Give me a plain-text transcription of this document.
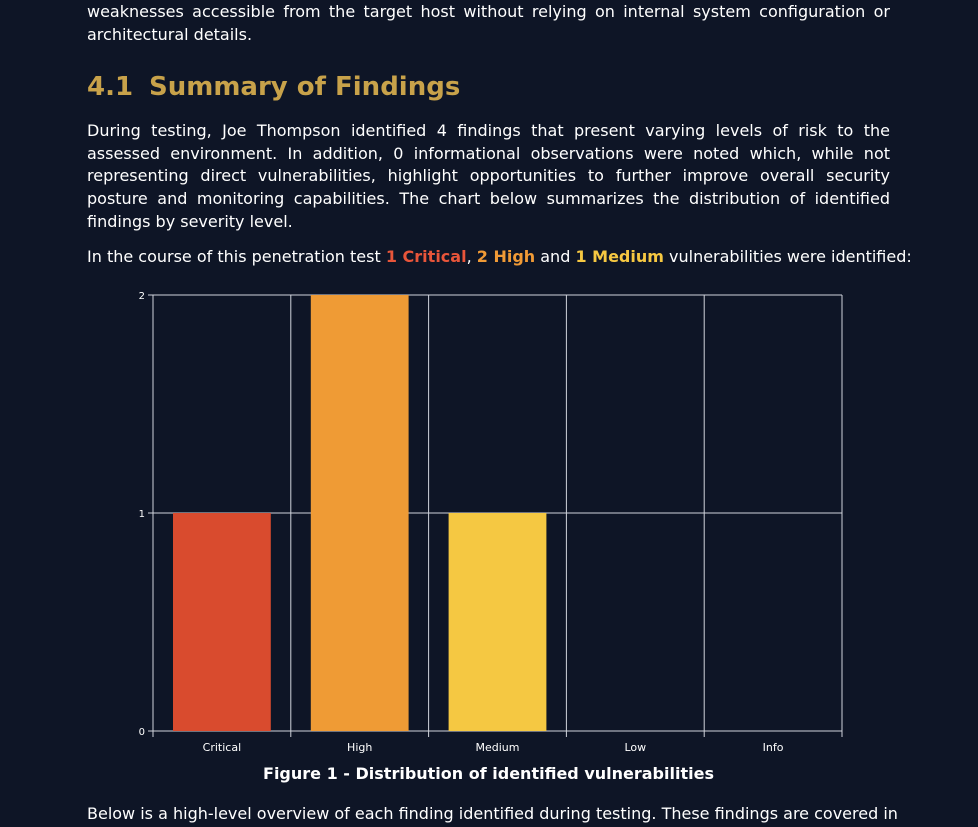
weaknesses accessible from the target host without relying on internal system configuration or architectural details.

4.1 Summary of Findings

During testing, Joe Thompson identified 4 findings that present varying levels of risk to the assessed environment. In addition, 0 informational observations were noted which, while not representing direct vulnerabilities, highlight opportunities to further improve overall security posture and monitoring capabilities. The chart below summarizes the distribution of identified findings by severity level.

In the course of this penetration test 1 Critical, 2 High and 1 Medium vulnerabilities were identified:

0
1
2
Critical	High	Medium	Low	Info
Figure 1 - Distribution of identified vulnerabilities

Below is a high-level overview of each finding identified during testing. These findings are covered in
